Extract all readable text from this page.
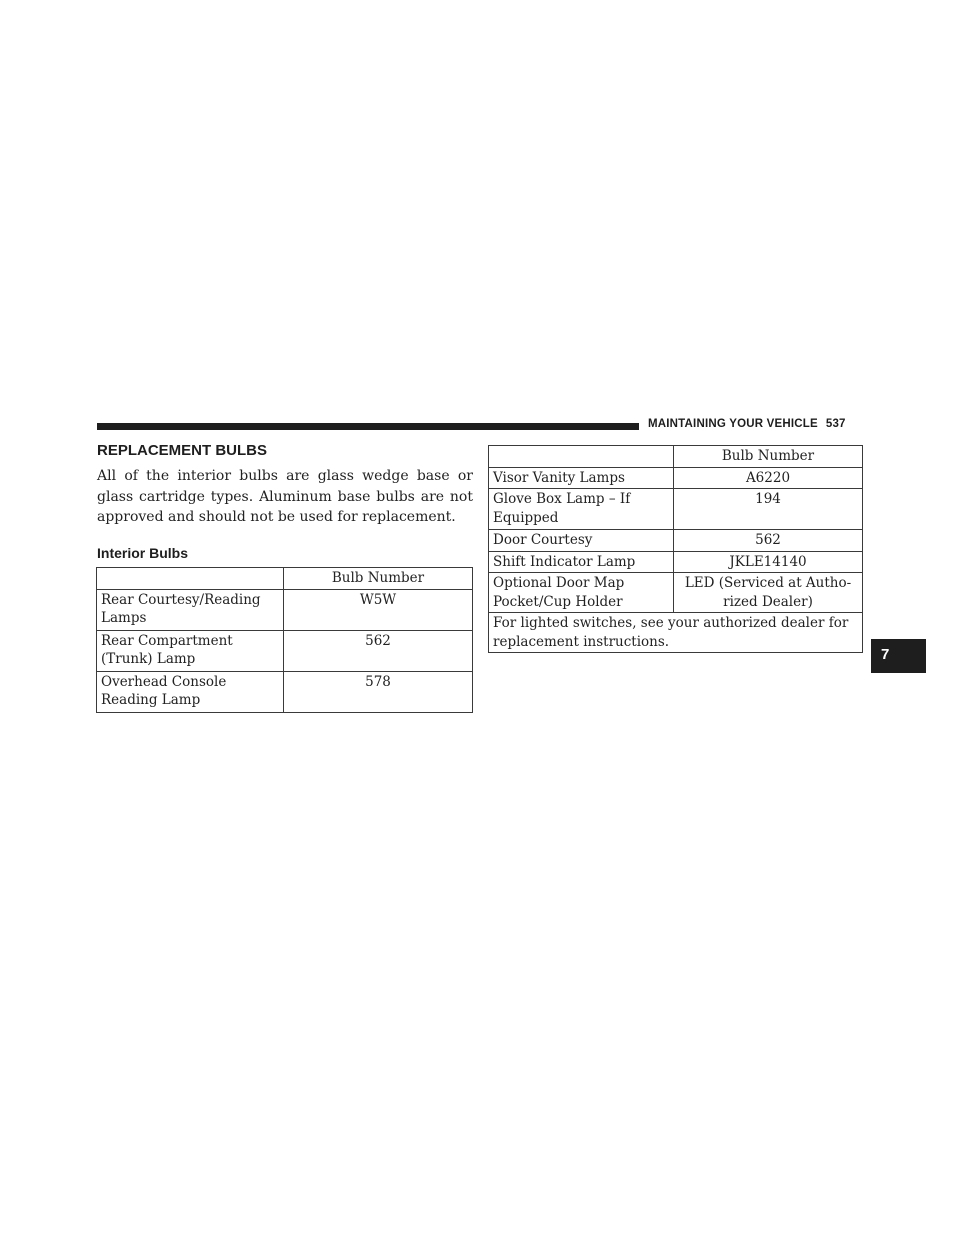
MAINTAINING YOUR VEHICLE 537
7
REPLACEMENT BULBS

All of the interior bulbs are glass wedge base or glass cartridge types. Aluminum base bulbs are not approved and should not be used for replacement.

Interior Bulbs
	Bulb Number
Rear Courtesy/Reading Lamps	W5W
Rear Compartment (Trunk) Lamp	562
Overhead Console Reading Lamp	578
	Bulb Number
Visor Vanity Lamps	A6220
Glove Box Lamp – If Equipped	194
Door Courtesy	562
Shift Indicator Lamp	JKLE14140
Optional Door Map Pocket/Cup Holder	LED (Serviced at Autho- rized Dealer)
For lighted switches, see your authorized dealer for replacement instructions.	
